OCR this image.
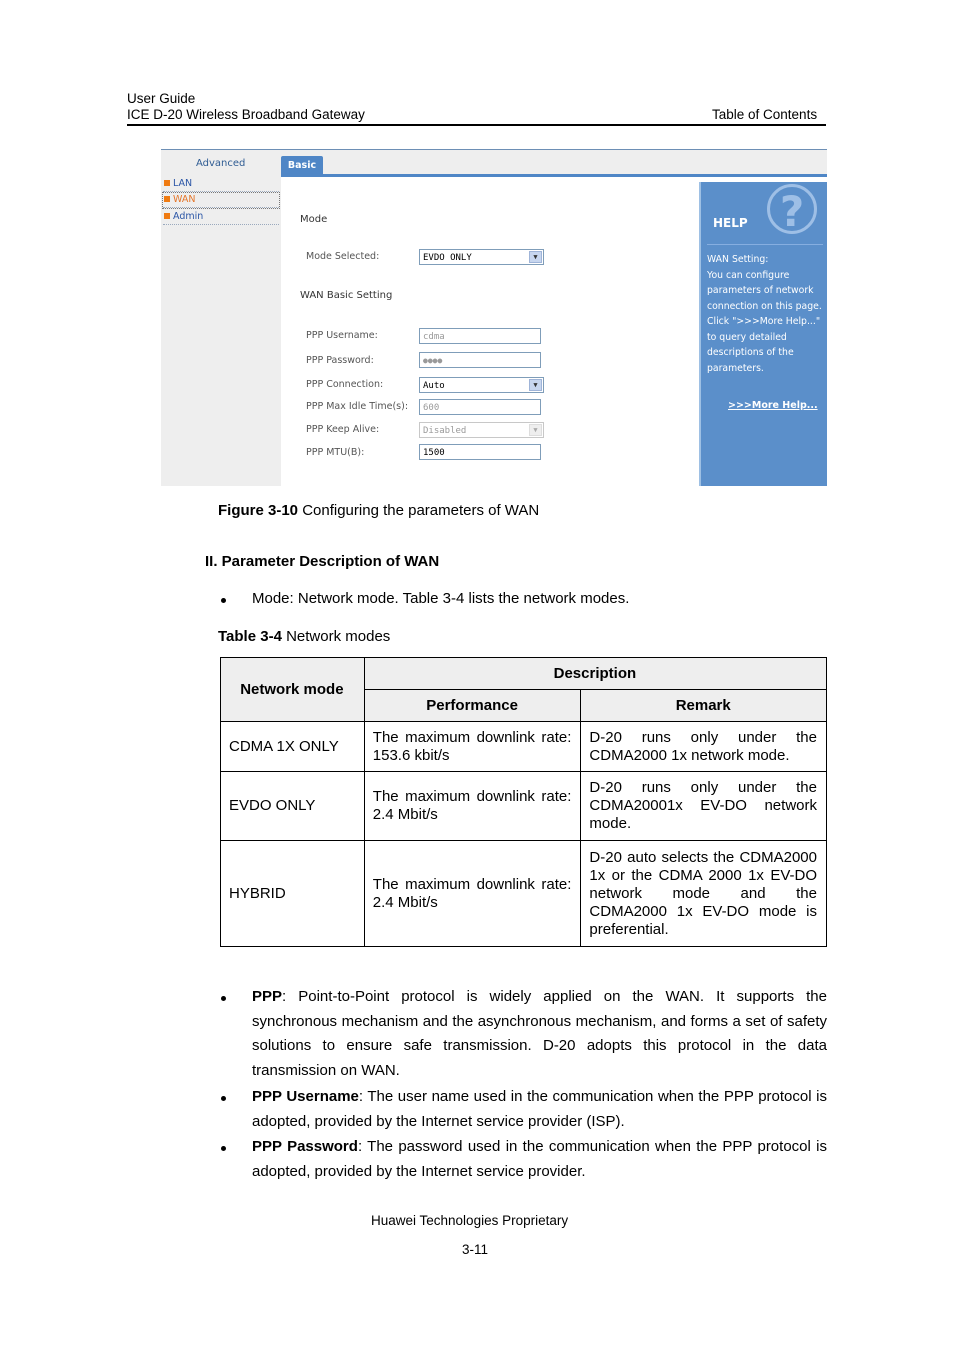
User Guide
ICE D-20 Wireless Broadband Gateway	Table of Contents
Advanced
LAN
WAN
Admin
Basic
Mode
Mode Selected:	EVDO ONLY	▼
WAN Basic Setting
PPP Username:	cdma
PPP Password:	●●●●
PPP Connection:	Auto	▼
PPP Max Idle Time(s):	600
PPP Keep Alive:	Disabled	▼
PPP MTU(B):	1500
?
HELP
WAN Setting:
You can configure parameters of network connection on this page. Click ">>>More Help..." to query detailed descriptions of the parameters.
>>>More Help...
Figure 3-10 Configuring the parameters of WAN
II. Parameter Description of WAN
Mode: Network mode. Table 3-4 lists the network modes.
Table 3-4 Network modes
Network mode	Description	
	Performance	Remark
CDMA 1X ONLY	The maximum downlink rate: 153.6 kbit/s	D-20 runs only under the CDMA2000 1x network mode.
EVDO ONLY	The maximum downlink rate: 2.4 Mbit/s	D-20 runs only under the CDMA20001x EV-DO network mode.
HYBRID	The maximum downlink rate: 2.4 Mbit/s	D-20 auto selects the CDMA2000 1x or the CDMA 2000 1x EV-DO network mode and the CDMA2000 1x EV-DO mode is preferential.
PPP: Point-to-Point protocol is widely applied on the WAN. It supports the synchronous mechanism and the asynchronous mechanism, and forms a set of safety solutions to ensure safe transmission. D-20 adopts this protocol in the data transmission on WAN.
PPP Username: The user name used in the communication when the PPP protocol is adopted, provided by the Internet service provider (ISP).
PPP Password: The password used in the communication when the PPP protocol is adopted, provided by the Internet service provider.
Huawei Technologies Proprietary
3-11
